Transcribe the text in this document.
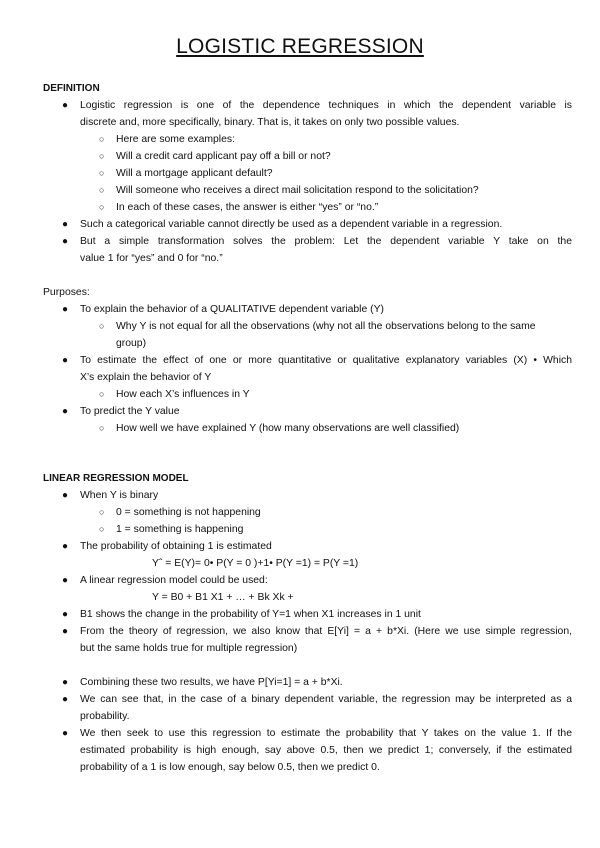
LOGISTIC REGRESSION
DEFINITION
● Logistic regression is one of the dependence techniques in which the dependent variable is
discrete and, more specifically, binary. That is, it takes on only two possible values.
○ Here are some examples:
○ Will a credit card applicant pay off a bill or not?
○ Will a mortgage applicant default?
○ Will someone who receives a direct mail solicitation respond to the solicitation?
○ In each of these cases, the answer is either “yes” or “no.”
● Such a categorical variable cannot directly be used as a dependent variable in a regression.
● But a simple transformation solves the problem: Let the dependent variable Y take on the
value 1 for “yes” and 0 for “no.”
Purposes:
● To explain the behavior of a QUALITATIVE dependent variable (Y)
○ Why Y is not equal for all the observations (why not all the observations belong to the same
group)
● To estimate the effect of one or more quantitative or qualitative explanatory variables (X) • Which
X’s explain the behavior of Y
○ How each X’s influences in Y
● To predict the Y value
○ How well we have explained Y (how many observations are well classified)
LINEAR REGRESSION MODEL
● When Y is binary
○ 0 = something is not happening
○ 1 = something is happening
● The probability of obtaining 1 is estimated
Yˆ = E(Y)= 0• P(Y = 0 )+1• P(Y =1) = P(Y =1)
● A linear regression model could be used:
Y = B0 + B1 X1 + … + Bk Xk +
● B1 shows the change in the probability of Y=1 when X1 increases in 1 unit
● From the theory of regression, we also know that E[Yi] = a + b*Xi. (Here we use simple regression,
but the same holds true for multiple regression)
● Combining these two results, we have P[Yi=1] = a + b*Xi.
● We can see that, in the case of a binary dependent variable, the regression may be interpreted as a
probability.
● We then seek to use this regression to estimate the probability that Y takes on the value 1. If the
estimated probability is high enough, say above 0.5, then we predict 1; conversely, if the estimated
probability of a 1 is low enough, say below 0.5, then we predict 0.
